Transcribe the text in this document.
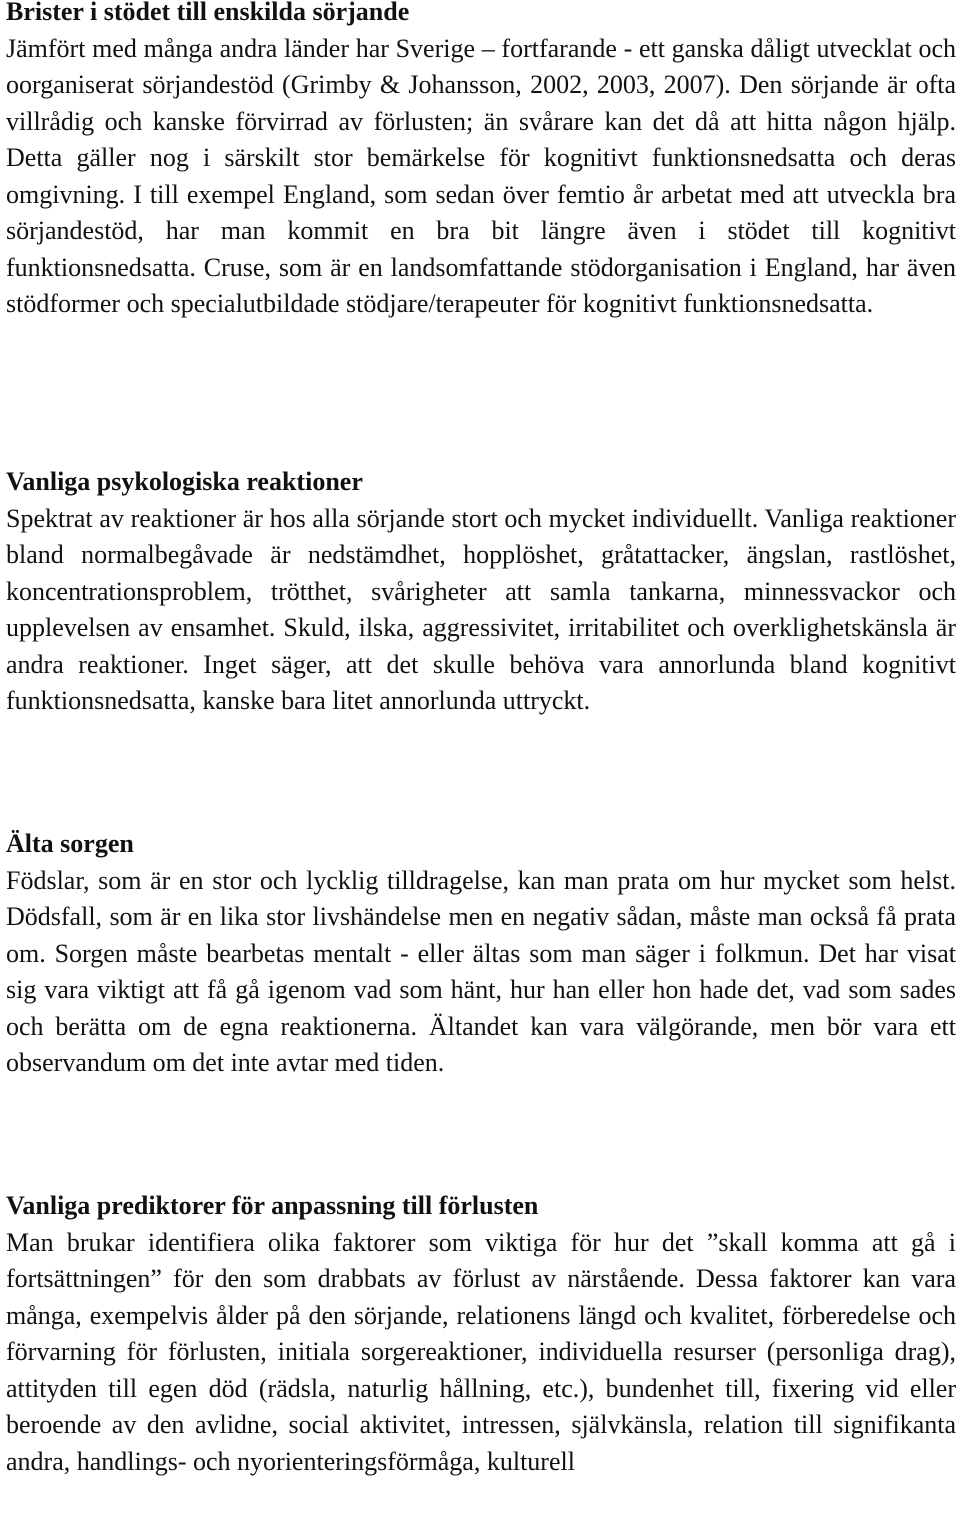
Brister i stödet till enskilda sörjande

Jämfört med många andra länder har Sverige – fortfarande - ett ganska dåligt utvecklat och oorganiserat sörjandestöd (Grimby & Johansson, 2002, 2003, 2007). Den sörjande är ofta villrådig och kanske förvirrad av förlusten; än svårare kan det då att hitta någon hjälp. Detta gäller nog i särskilt stor bemärkelse för kognitivt funktionsnedsatta och deras omgivning. I till exempel England, som sedan över femtio år arbetat med att utveckla bra sörjandestöd, har man kommit en bra bit längre även i stödet till kognitivt funktionsnedsatta. Cruse, som är en landsomfattande stödorganisation i England, har även stödformer och specialutbildade stödjare/terapeuter för kognitivt funktionsnedsatta.

Vanliga psykologiska reaktioner

Spektrat av reaktioner är hos alla sörjande stort och mycket individuellt. Vanliga reaktioner bland normalbegåvade är nedstämdhet, hopplöshet, gråtattacker, ängslan, rastlöshet, koncentrationsproblem, trötthet, svårigheter att samla tankarna, minnessvackor och upplevelsen av ensamhet. Skuld, ilska, aggressivitet, irritabilitet och overklighetskänsla är andra reaktioner. Inget säger, att det skulle behöva vara annorlunda bland kognitivt funktionsnedsatta, kanske bara litet annorlunda uttryckt.

Älta sorgen

Födslar, som är en stor och lycklig tilldragelse, kan man prata om hur mycket som helst. Dödsfall, som är en lika stor livshändelse men en negativ sådan, måste man också få prata om. Sorgen måste bearbetas mentalt - eller ältas som man säger i folkmun. Det har visat sig vara viktigt att få gå igenom vad som hänt, hur han eller hon hade det, vad som sades och berätta om de egna reaktionerna. Ältandet kan vara välgörande, men bör vara ett observandum om det inte avtar med tiden.

Vanliga prediktorer för anpassning till förlusten

Man brukar identifiera olika faktorer som viktiga för hur det ”skall komma att gå i fortsättningen” för den som drabbats av förlust av närstående. Dessa faktorer kan vara många, exempelvis ålder på den sörjande, relationens längd och kvalitet, förberedelse och förvarning för förlusten, initiala sorgereaktioner, individuella resurser (personliga drag), attityden till egen död (rädsla, naturlig hållning, etc.), bundenhet till, fixering vid eller beroende av den avlidne, social aktivitet, intressen, självkänsla, relation till signifikanta andra, handlings- och nyorienteringsförmåga, kulturell
